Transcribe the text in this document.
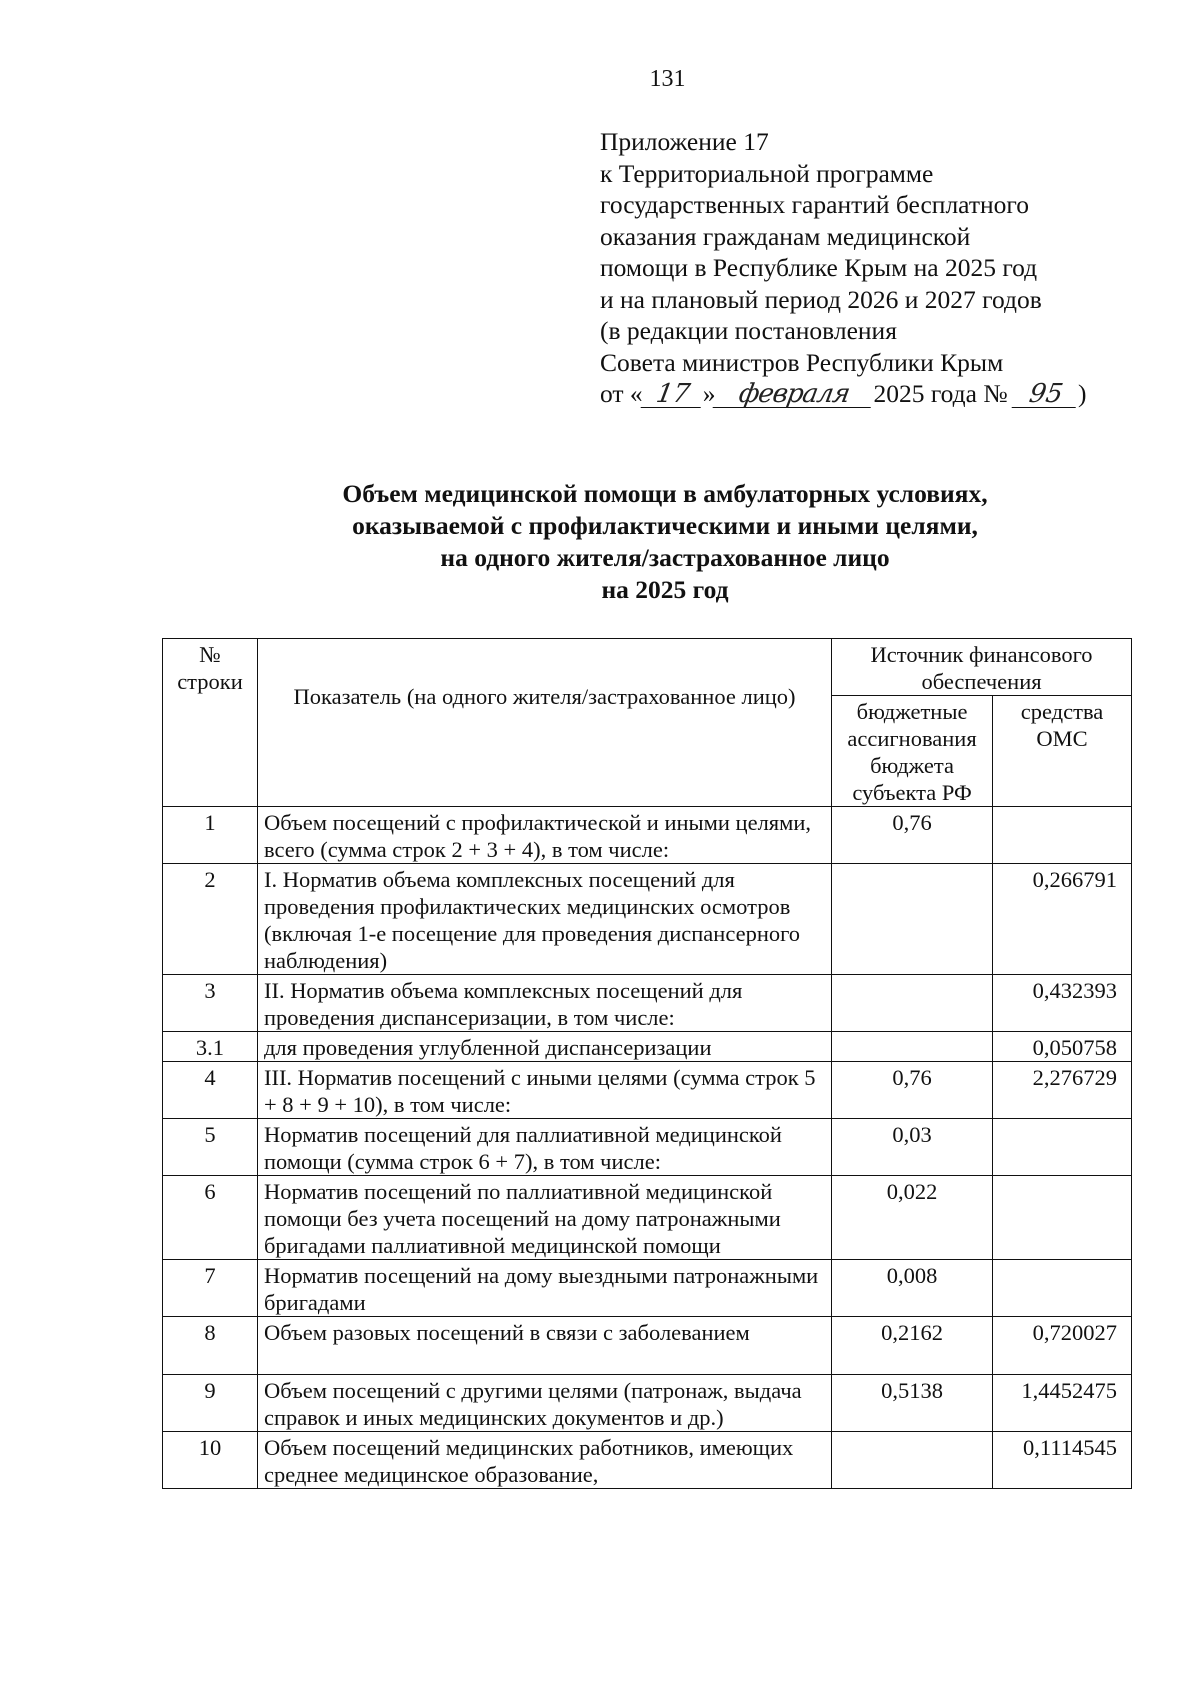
131
Приложение 17
к Территориальной программе
государственных гарантий бесплатного
оказания гражданам медицинской
помощи в Республике Крым на 2025 год
и на плановый период 2026 и 2027 годов
(в редакции постановления
Совета министров Республики Крым
от « 17 » февраля 2025 года № 95 )
Объем медицинской помощи в амбулаторных условиях,
оказываемой с профилактическими и иными целями,
на одного жителя/застрахованное лицо
на 2025 год
№ строки	Показатель (на одного жителя/застрахованное лицо)	Источник финансового обеспечения	
		бюджетные ассигнования бюджета субъекта РФ	средства ОМС
1	Объем посещений с профилактической и иными целями, всего (сумма строк 2 + 3 + 4), в том числе:	0,76	
2	I. Норматив объема комплексных посещений для проведения профилактических медицинских осмотров (включая 1-е посещение для проведения диспансерного наблюдения)		0,266791
3	II. Норматив объема комплексных посещений для проведения диспансеризации, в том числе:		0,432393
3.1	для проведения углубленной диспансеризации		0,050758
4	III. Норматив посещений с иными целями (сумма строк 5 + 8 + 9 + 10), в том числе:	0,76	2,276729
5	Норматив посещений для паллиативной медицинской помощи (сумма строк 6 + 7), в том числе:	0,03	
6	Норматив посещений по паллиативной медицинской помощи без учета посещений на дому патронажными бригадами паллиативной медицинской помощи	0,022	
7	Норматив посещений на дому выездными патронажными бригадами	0,008	
8	Объем разовых посещений в связи с заболеванием	0,2162	0,720027
9	Объем посещений с другими целями (патронаж, выдача справок и иных медицинских документов и др.)	0,5138	1,4452475
10	Объем посещений медицинских работников, имеющих среднее медицинское образование,		0,1114545
